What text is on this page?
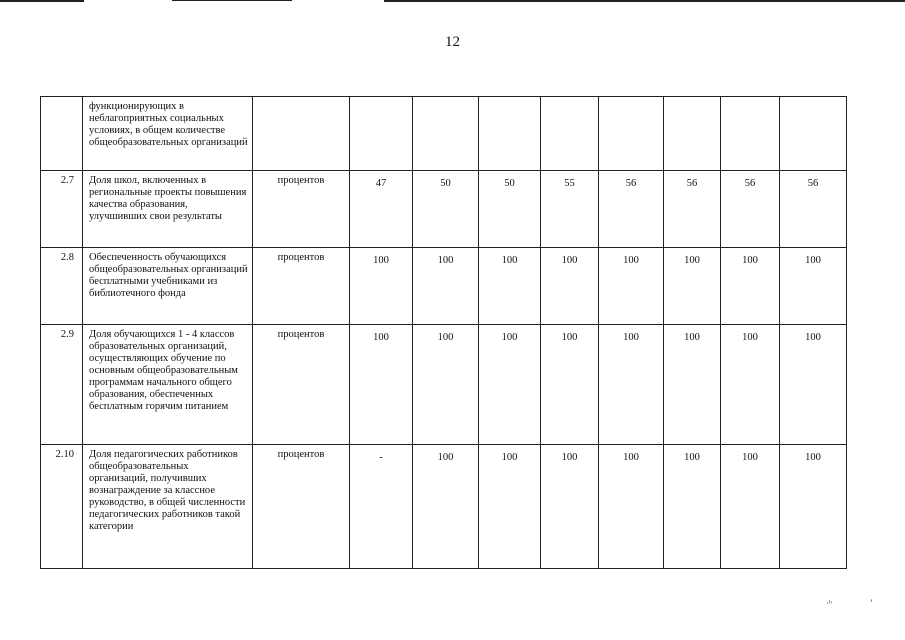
12
	функционирующих в неблагоприятных социальных условиях, в общем количестве общеобразовательных организаций									
2.7	Доля школ, включенных в региональные проекты повышения качества образования, улучшивших свои результаты	процентов	47	50	50	55	56	56	56	56
2.8	Обеспеченность обучающихся общеобразовательных организаций бесплатными учебниками из библиотечного фонда	процентов	100	100	100	100	100	100	100	100
2.9	Доля обучающихся 1 - 4 классов образовательных организаций, осуществляющих обучение по основным общеобразовательным программам начального общего образования, обеспеченных бесплатным горячим питанием	процентов	100	100	100	100	100	100	100	100
2.10	Доля педагогических работников общеобразовательных организаций, получивших вознаграждение за классное руководство, в общей численности педагогических работников такой категории	процентов	-	100	100	100	100	100	100	100
·ᵇ	ʼ
